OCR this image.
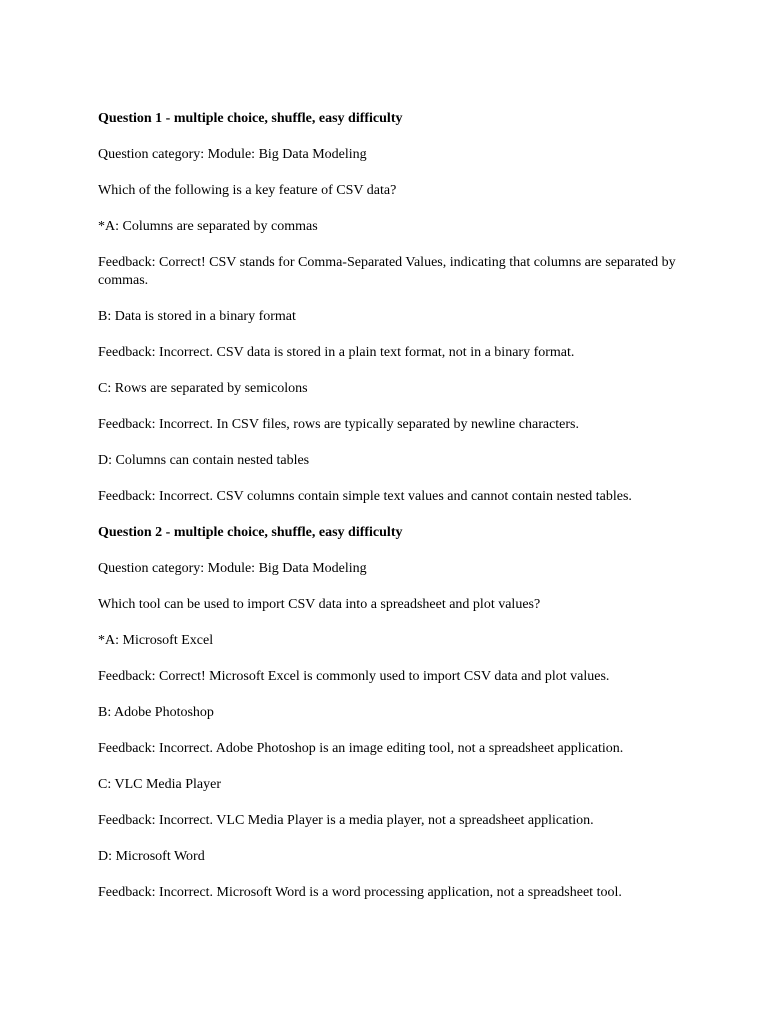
Question 1 - multiple choice, shuffle, easy difficulty

Question category: Module: Big Data Modeling

Which of the following is a key feature of CSV data?

*A: Columns are separated by commas

Feedback: Correct! CSV stands for Comma-Separated Values, indicating that columns are separated by commas.

B: Data is stored in a binary format

Feedback: Incorrect. CSV data is stored in a plain text format, not in a binary format.

C: Rows are separated by semicolons

Feedback: Incorrect. In CSV files, rows are typically separated by newline characters.

D: Columns can contain nested tables

Feedback: Incorrect. CSV columns contain simple text values and cannot contain nested tables.

Question 2 - multiple choice, shuffle, easy difficulty

Question category: Module: Big Data Modeling

Which tool can be used to import CSV data into a spreadsheet and plot values?

*A: Microsoft Excel

Feedback: Correct! Microsoft Excel is commonly used to import CSV data and plot values.

B: Adobe Photoshop

Feedback: Incorrect. Adobe Photoshop is an image editing tool, not a spreadsheet application.

C: VLC Media Player

Feedback: Incorrect. VLC Media Player is a media player, not a spreadsheet application.

D: Microsoft Word

Feedback: Incorrect. Microsoft Word is a word processing application, not a spreadsheet tool.
